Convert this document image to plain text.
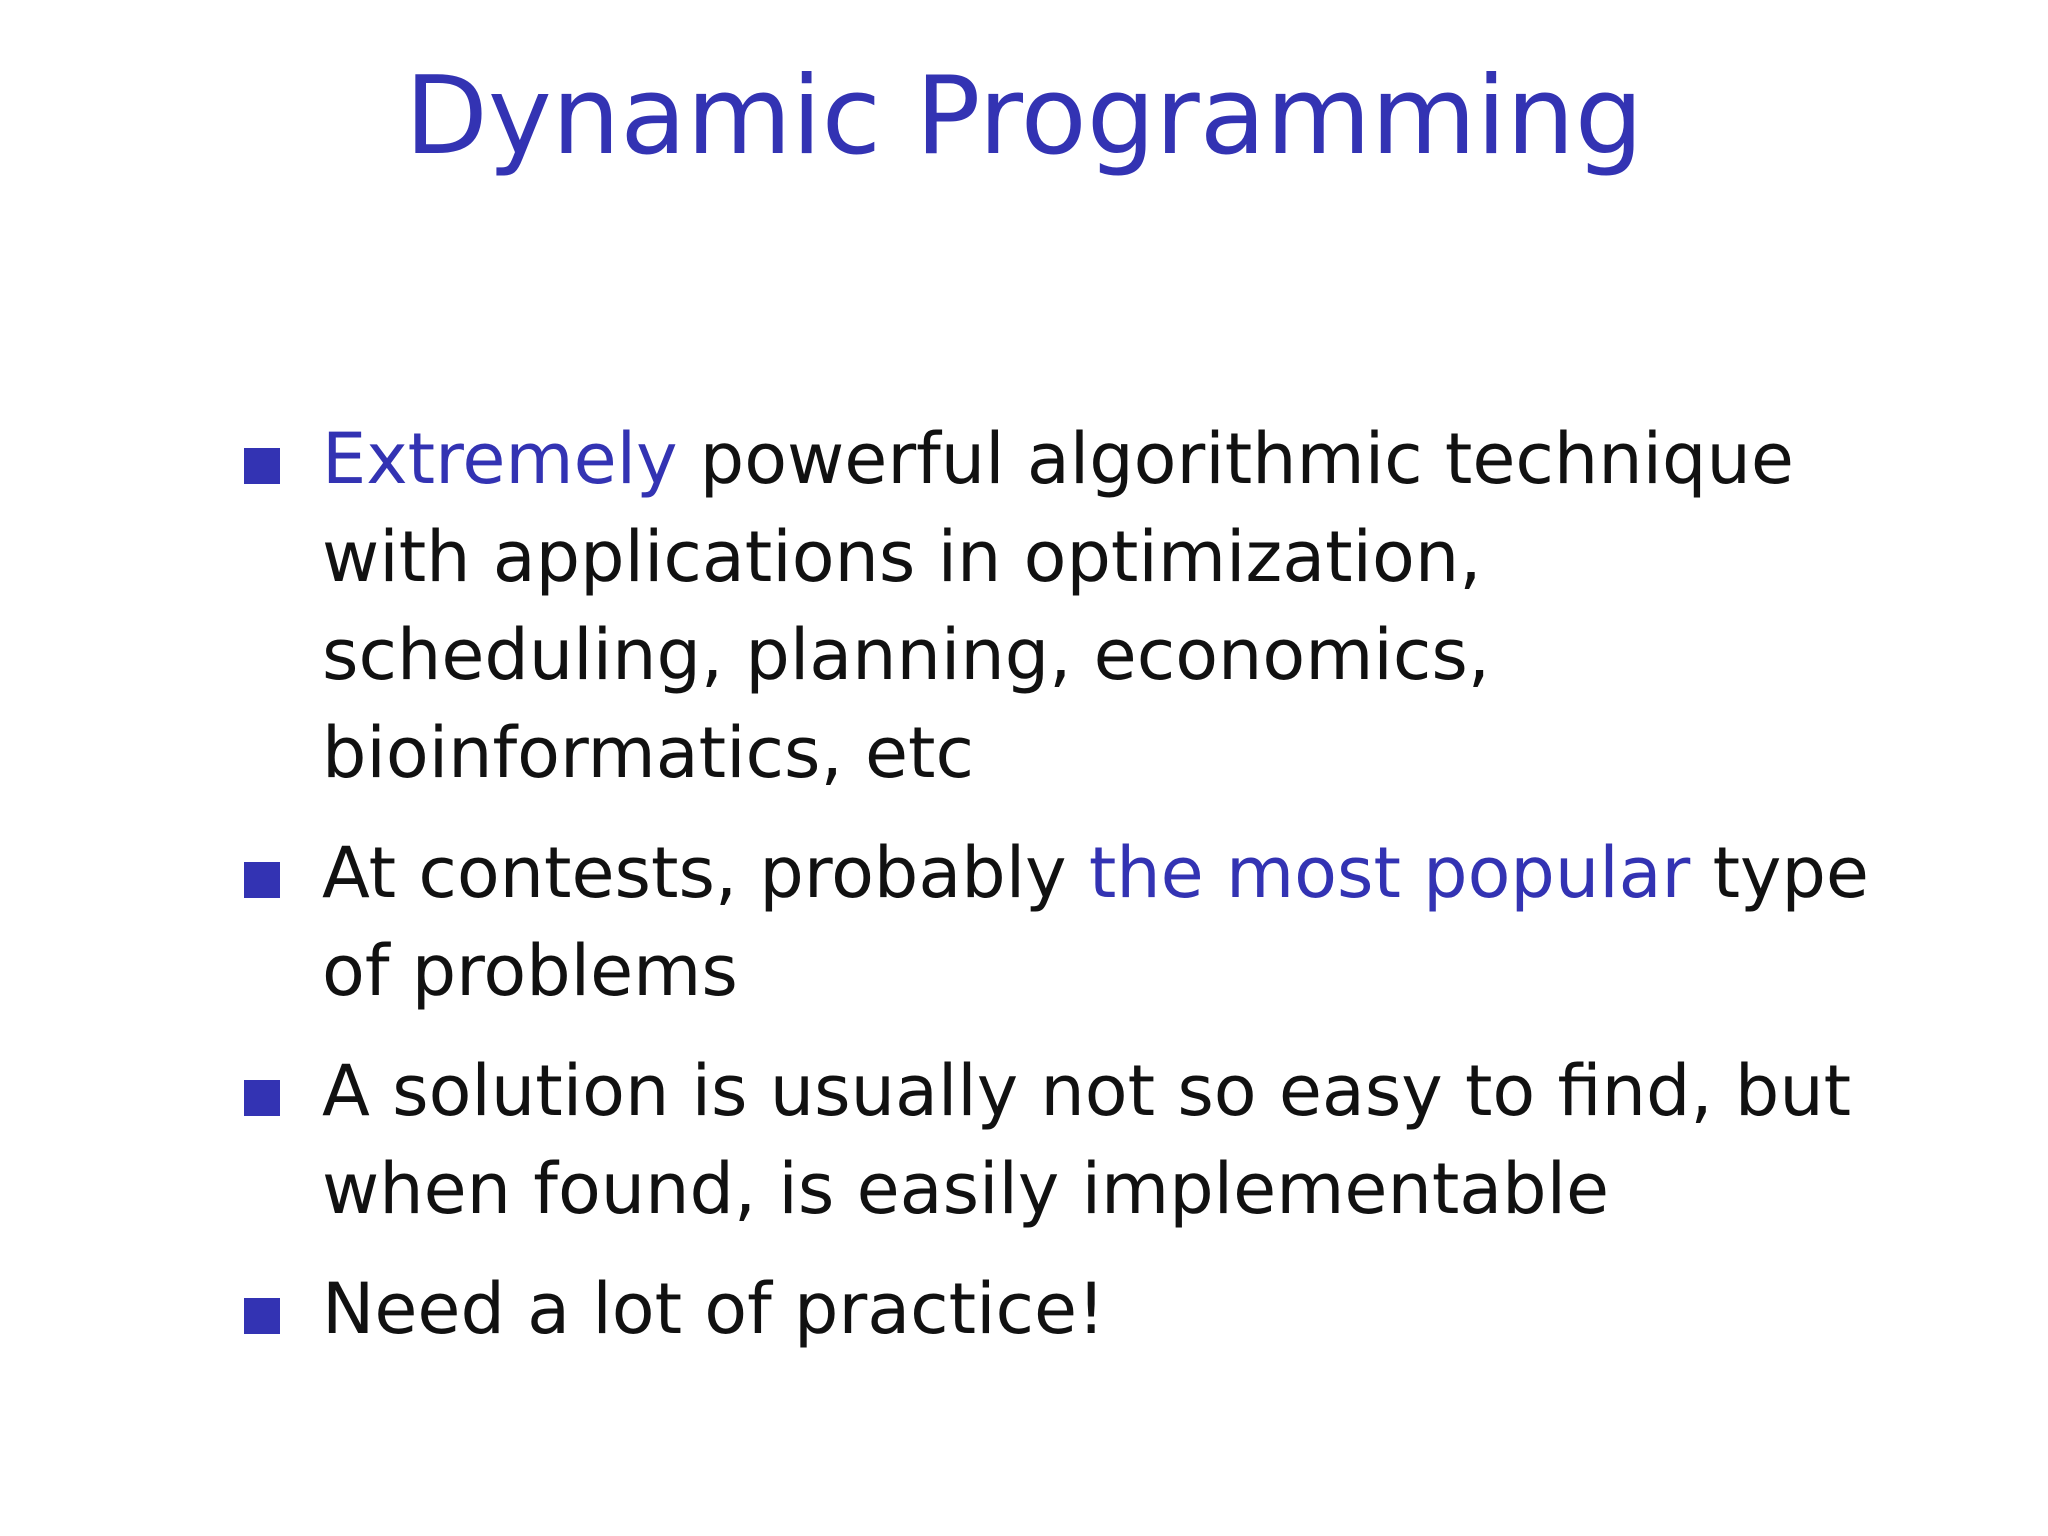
Dynamic Programming
Extremely powerful algorithmic technique with applications in optimization, scheduling, planning, economics, bioinformatics, etc
At contests, probably the most popular type of problems
A solution is usually not so easy to find, but when found, is easily implementable
Need a lot of practice!
